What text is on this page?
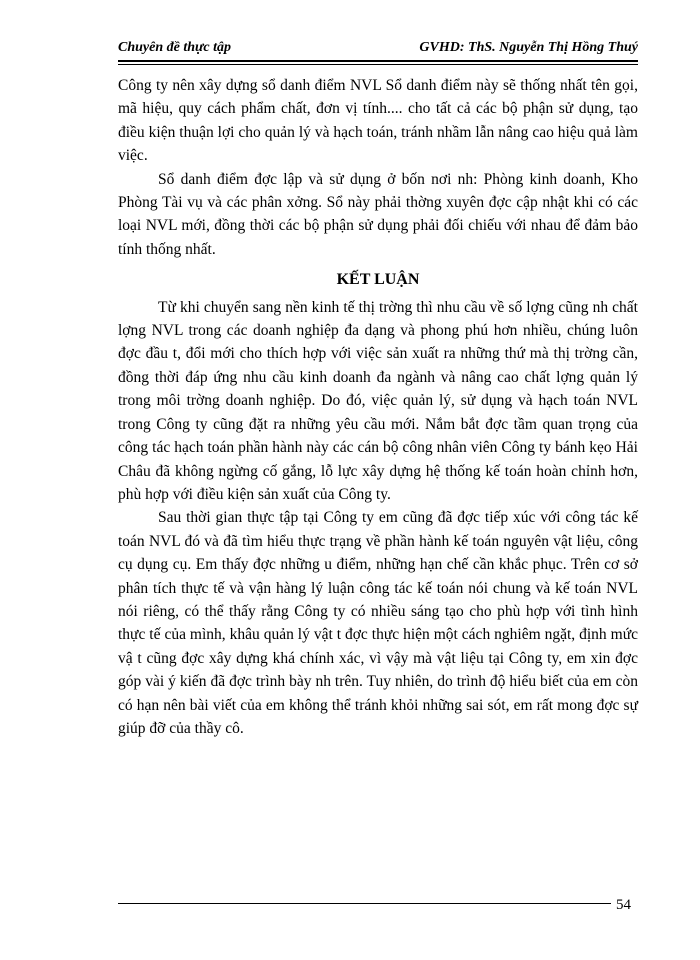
Chuyên đề thực tập	GVHD: ThS. Nguyễn Thị Hồng Thuý

Công ty nên xây dựng sổ danh điểm NVL Sổ danh điểm này sẽ thống nhất tên gọi, mã hiệu, quy cách phẩm chất, đơn vị tính.... cho tất cả các bộ phận sử dụng, tạo điều kiện thuận lợi cho quản lý và hạch toán, tránh nhầm lẫn nâng cao hiệu quả làm việc.

Sổ danh điểm đợc lập và sử dụng ở bốn nơi nh: Phòng kinh doanh, Kho Phòng Tài vụ và các phân xởng. Sổ này phải thờng xuyên đợc cập nhật khi có các loại NVL mới, đồng thời các bộ phận sử dụng phải đối chiếu với nhau để đảm bảo tính thống nhất.

KẾT LUẬN

Từ khi chuyển sang nền kinh tế thị trờng thì nhu cầu về số lợng cũng nh chất lợng NVL trong các doanh nghiệp đa dạng và phong phú hơn nhiều, chúng luôn đợc đầu t, đổi mới cho thích hợp với việc sản xuất ra những thứ mà thị trờng cần, đồng thời đáp ứng nhu cầu kinh doanh đa ngành và nâng cao chất lợng quản lý trong môi trờng doanh nghiệp. Do đó, việc quản lý, sử dụng và hạch toán NVL trong Công ty cũng đặt ra những yêu cầu mới. Nắm bắt đợc tầm quan trọng của công tác hạch toán phần hành này các cán bộ công nhân viên Công ty bánh kẹo Hải Châu đã không ngừng cố gắng, lỗ lực xây dựng hệ thống kế toán hoàn chỉnh hơn, phù hợp với điều kiện sản xuất của Công ty.

Sau thời gian thực tập tại Công ty em cũng đã đợc tiếp xúc với công tác kế toán NVL đó và đã tìm hiểu thực trạng về phần hành kế toán nguyên vật liệu, công cụ dụng cụ. Em thấy đợc những u điểm, những hạn chế cần khắc phục. Trên cơ sở phân tích thực tế và vận hàng lý luận công tác kế toán nói chung và kế toán NVL nói riêng, có thể thấy rằng Công ty có nhiều sáng tạo cho phù hợp với tình hình thực tế của mình, khâu quản lý vật t đợc thực hiện một cách nghiêm ngặt, định mức vậ t cũng đợc xây dựng khá chính xác, vì vậy mà vật liệu tại Công ty, em xin đợc góp vài ý kiến đã đợc trình bày nh trên. Tuy nhiên, do trình độ hiểu biết của em còn có hạn nên bài viết của em không thể tránh khỏi những sai sót, em rất mong đợc sự giúp đỡ của thầy cô.

54
